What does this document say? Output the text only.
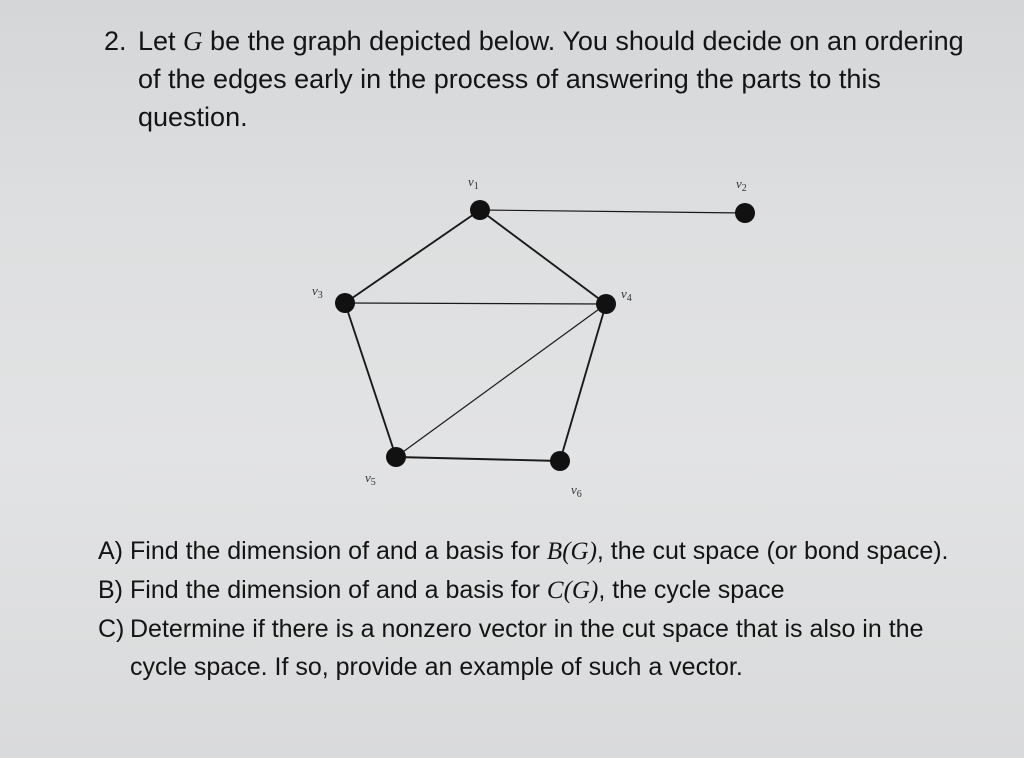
2. Let G be the graph depicted below. You should decide on an ordering of the edges early in the process of answering the parts to this question.
$v_1$	$v_2$
$v_3$	$v_4$
$v_5$	$v_6$
A) Find the dimension of and a basis for B(G), the cut space (or bond space).
B) Find the dimension of and a basis for C(G), the cycle space
C) Determine if there is a nonzero vector in the cut space that is also in the cycle space. If so, provide an example of such a vector.
